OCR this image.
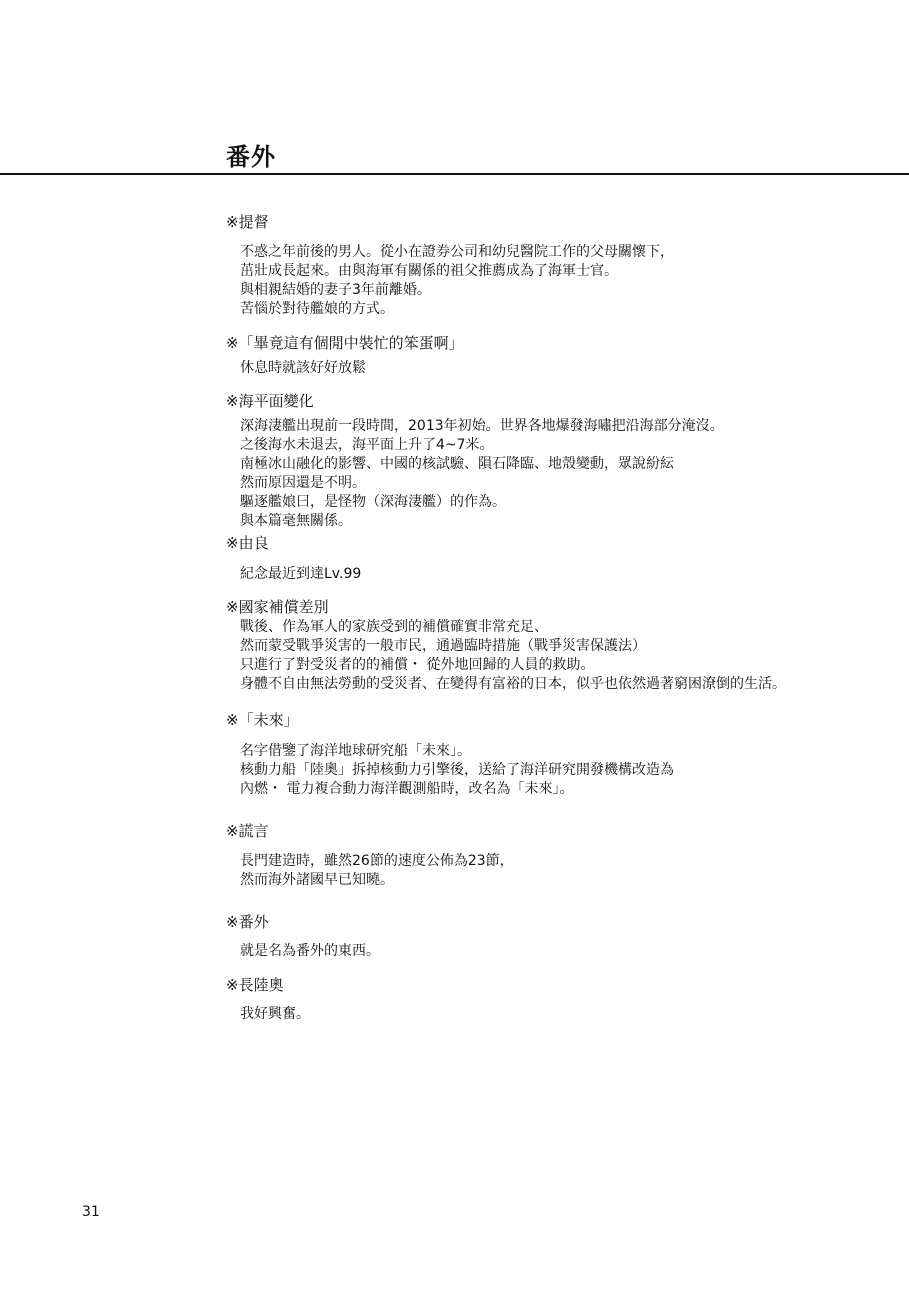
番外
※提督
不惑之年前後的男人。從小在證券公司和幼兒醫院工作的父母關懷下，
茁壯成長起來。由與海軍有關係的祖父推薦成為了海軍士官。
與相親結婚的妻子3年前離婚。
苦惱於對待艦娘的方式。
※「畢竟這有個閒中裝忙的笨蛋啊」
休息時就該好好放鬆
※海平面變化
深海淒艦出現前一段時間，2013年初始。世界各地爆發海嘯把沿海部分淹沒。
之後海水未退去，海平面上升了4~7米。
南極冰山融化的影響、中國的核試驗、隕石降臨、地殼變動，眾說紛紜
然而原因還是不明。
驅逐艦娘曰，是怪物（深海淒艦）的作為。
與本篇毫無關係。
※由良
紀念最近到達Lv.99
※國家補償差別
戰後、作為軍人的家族受到的補償確實非常充足、
然而蒙受戰爭災害的一般市民，通過臨時措施（戰爭災害保護法）
只進行了對受災者的的補償・ 從外地回歸的人員的救助。
身體不自由無法勞動的受災者、在變得有富裕的日本，似乎也依然過著窮困潦倒的生活。
※「未來」
名字借鑒了海洋地球研究船「未來」。
核動力船「陸奧」拆掉核動力引擎後，送給了海洋研究開發機構改造為
內燃・ 電力複合動力海洋觀測船時，改名為「未來」。
※謊言
長門建造時，雖然26節的速度公佈為23節，
然而海外諸國早已知曉。
※番外
就是名為番外的東西。
※長陸奧
我好興奮。
31
